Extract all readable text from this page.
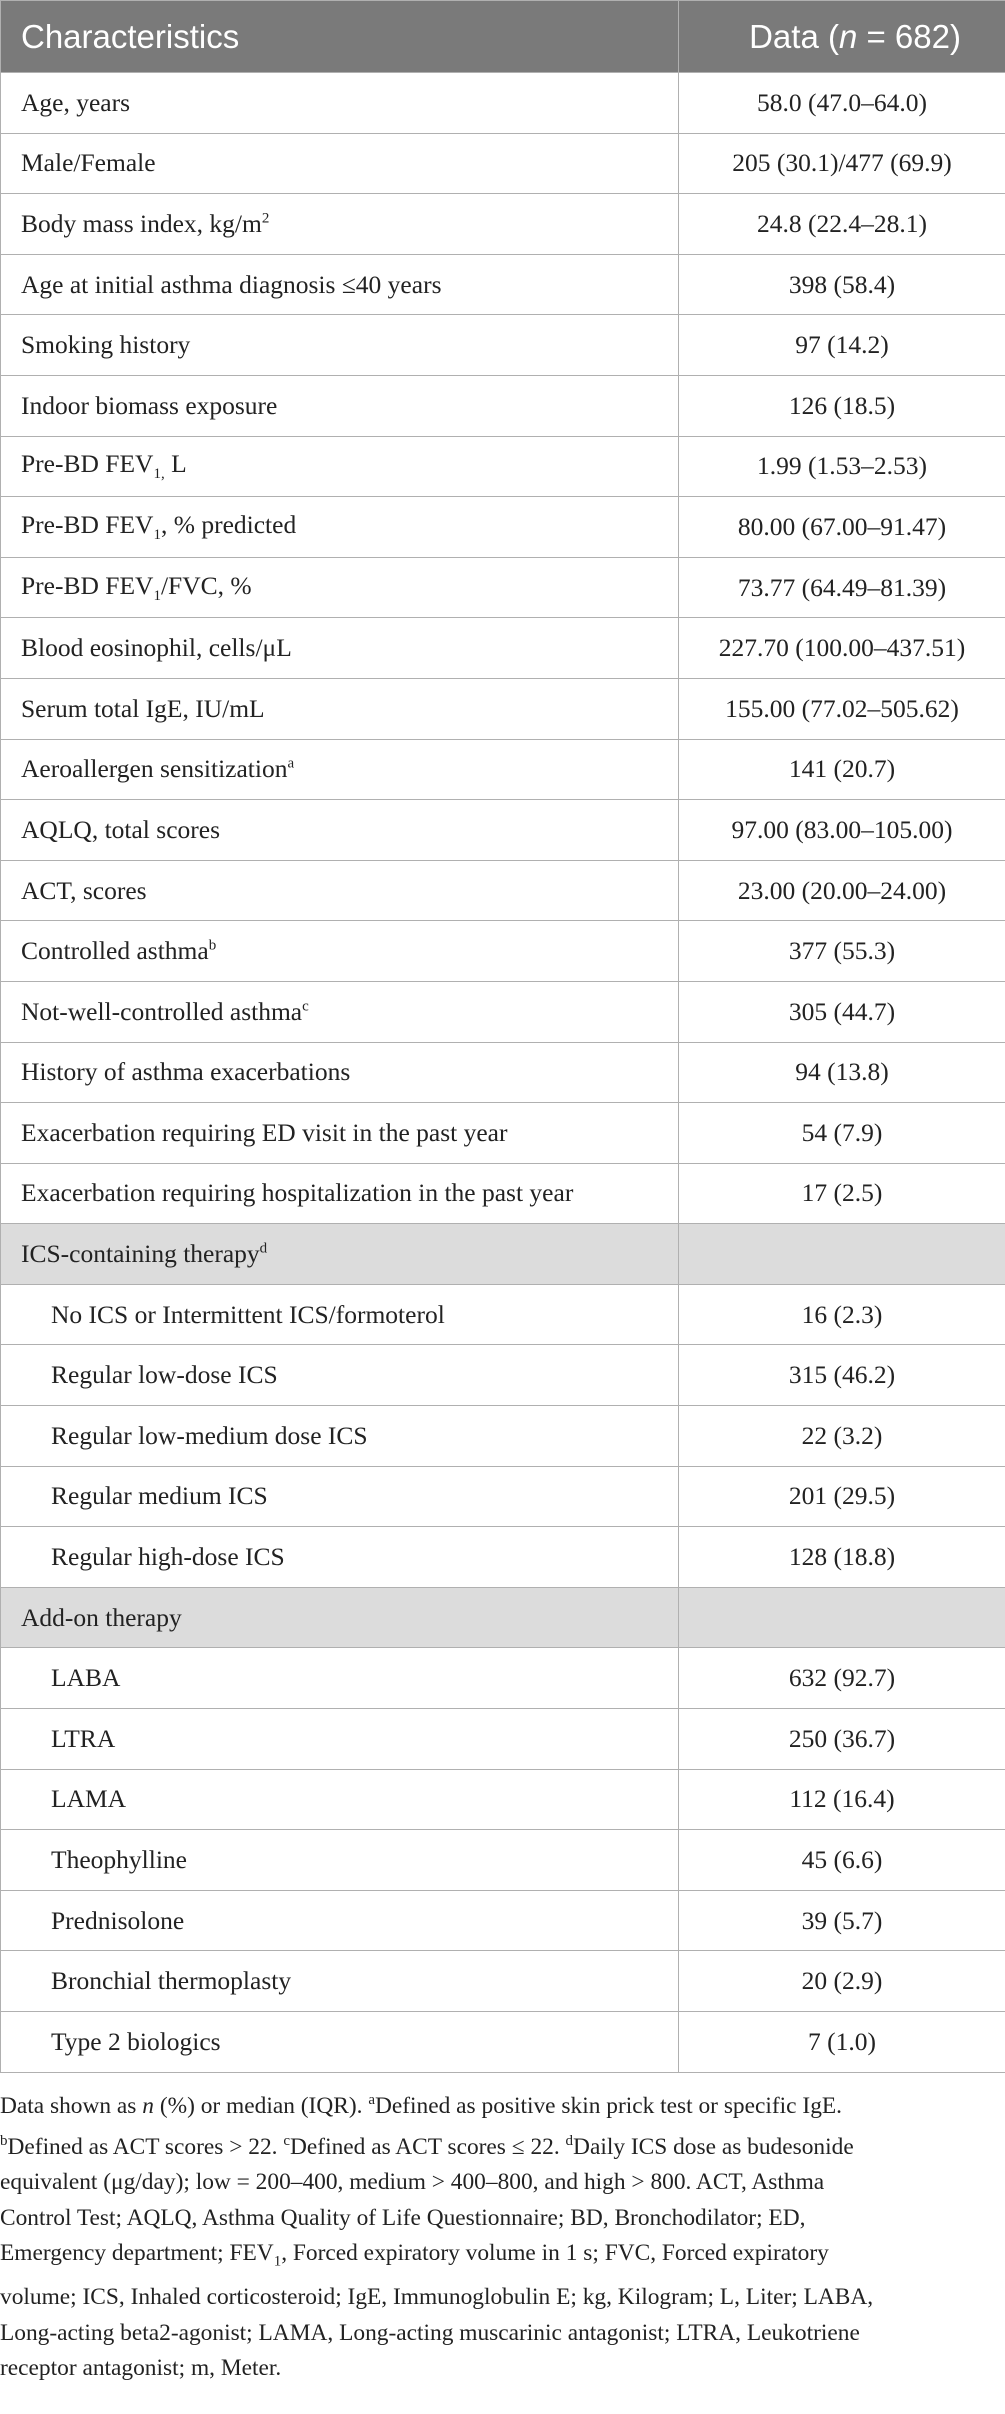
Characteristics	Data (n = 682)
Age, years	58.0 (47.0–64.0)
Male/Female	205 (30.1)/477 (69.9)
Body mass index, $kg/m^2$	24.8 (22.4–28.1)
Age at initial asthma diagnosis ≤40 years	398 (58.4)
Smoking history	97 (14.2)
Indoor biomass exposure	126 (18.5)
Pre-BD $FEV_{1,}$ L	1.99 (1.53–2.53)
Pre-BD $FEV_1$, % predicted	80.00 (67.00–91.47)
Pre-BD $FEV_1$/FVC, %	73.77 (64.49–81.39)
Blood eosinophil, cells/μL	227.70 (100.00–437.51)
Serum total IgE, IU/mL	155.00 (77.02–505.62)
Aeroallergen sensitization$^a$	141 (20.7)
AQLQ, total scores	97.00 (83.00–105.00)
ACT, scores	23.00 (20.00–24.00)
Controlled asthma$^b$	377 (55.3)
Not-well-controlled asthma$^c$	305 (44.7)
History of asthma exacerbations	94 (13.8)
Exacerbation requiring ED visit in the past year	54 (7.9)
Exacerbation requiring hospitalization in the past year	17 (2.5)
ICS-containing therapy$^d$	
No ICS or Intermittent ICS/formoterol	16 (2.3)
Regular low-dose ICS	315 (46.2)
Regular low-medium dose ICS	22 (3.2)
Regular medium ICS	201 (29.5)
Regular high-dose ICS	128 (18.8)
Add-on therapy	
LABA	632 (92.7)
LTRA	250 (36.7)
LAMA	112 (16.4)
Theophylline	45 (6.6)
Prednisolone	39 (5.7)
Bronchial thermoplasty	20 (2.9)
Type 2 biologics	7 (1.0)
Data shown as n (%) or median (IQR). $^a$Defined as positive skin prick test or specific IgE.
$^b$Defined as ACT scores > 22. $^c$Defined as ACT scores ≤ 22. $^d$Daily ICS dose as budesonide
equivalent (μg/day); low = 200–400, medium > 400–800, and high > 800. ACT, Asthma
Control Test; AQLQ, Asthma Quality of Life Questionnaire; BD, Bronchodilator; ED,
Emergency department; $FEV_1$, Forced expiratory volume in 1 s; FVC, Forced expiratory
volume; ICS, Inhaled corticosteroid; IgE, Immunoglobulin E; kg, Kilogram; L, Liter; LABA,
Long-acting beta2-agonist; LAMA, Long-acting muscarinic antagonist; LTRA, Leukotriene
receptor antagonist; m, Meter.
